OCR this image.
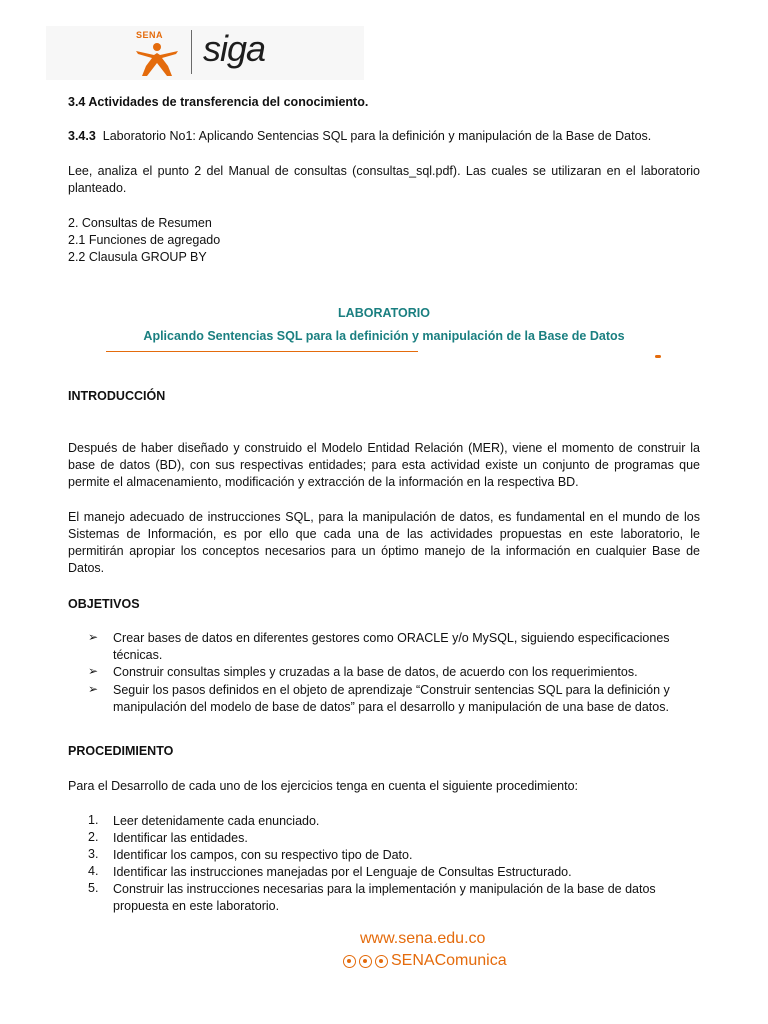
SENA siga
3.4 Actividades de transferencia del conocimiento.
3.4.3 Laboratorio No1: Aplicando Sentencias SQL para la definición y manipulación de la Base de Datos.
Lee, analiza el punto 2 del Manual de consultas (consultas_sql.pdf). Las cuales se utilizaran en el laboratorio planteado.
2. Consultas de Resumen
2.1 Funciones de agregado
2.2 Clausula GROUP BY
LABORATORIO
Aplicando Sentencias SQL para la definición y manipulación de la Base de Datos
INTRODUCCIÓN
Después de haber diseñado y construido el Modelo Entidad Relación (MER), viene el momento de construir la base de datos (BD), con sus respectivas entidades; para esta actividad existe un conjunto de programas que permite el almacenamiento, modificación y extracción de la información en la respectiva BD.
El manejo adecuado de instrucciones SQL, para la manipulación de datos, es fundamental en el mundo de los Sistemas de Información, es por ello que cada una de las actividades propuestas en este laboratorio, le permitirán apropiar los conceptos necesarios para un óptimo manejo de la información en cualquier Base de Datos.
OBJETIVOS
➢ Crear bases de datos en diferentes gestores como ORACLE y/o MySQL, siguiendo especificaciones técnicas.
➢ Construir consultas simples y cruzadas a la base de datos, de acuerdo con los requerimientos.
➢ Seguir los pasos definidos en el objeto de aprendizaje “Construir sentencias SQL para la definición y manipulación del modelo de base de datos” para el desarrollo y manipulación de una base de datos.
PROCEDIMIENTO
Para el Desarrollo de cada uno de los ejercicios tenga en cuenta el siguiente procedimiento:
1. Leer detenidamente cada enunciado.
2. Identificar las entidades.
3. Identificar los campos, con su respectivo tipo de Dato.
4. Identificar las instrucciones manejadas por el Lenguaje de Consultas Estructurado.
5. Construir las instrucciones necesarias para la implementación y manipulación de la base de datos propuesta en este laboratorio.
www.sena.edu.co
SENAComunica
